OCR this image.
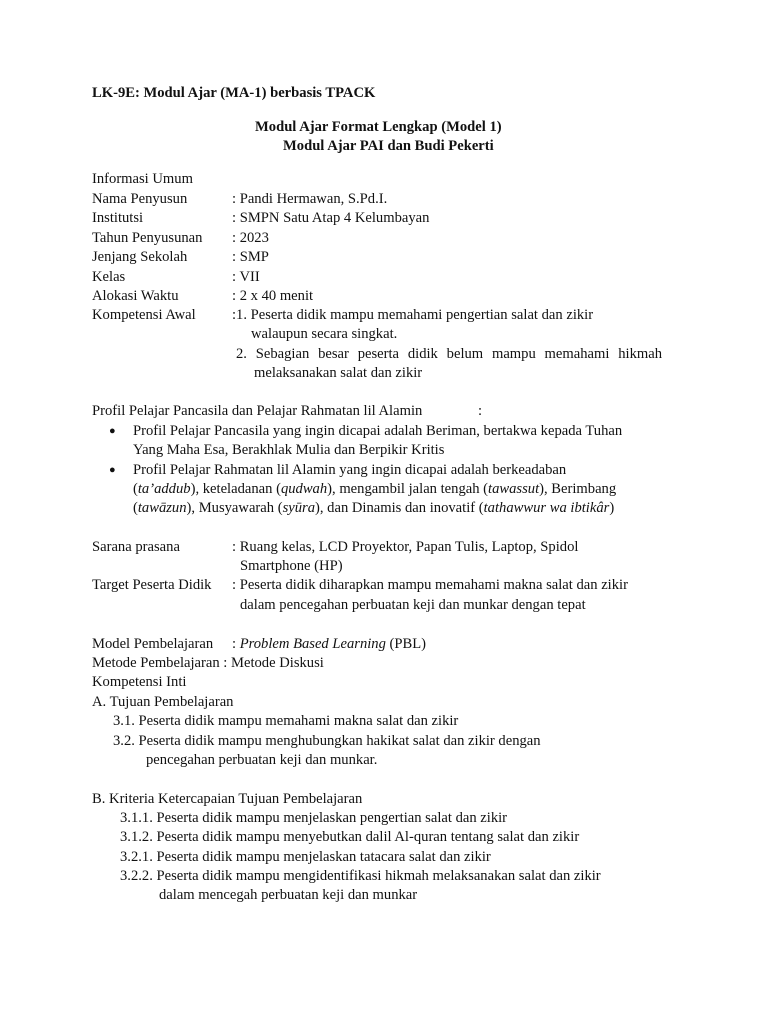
LK-9E: Modul Ajar (MA-1) berbasis TPACK
Modul Ajar Format Lengkap (Model 1)
Modul Ajar PAI dan Budi Pekerti
Informasi Umum
Nama Penyusun	: Pandi Hermawan, S.Pd.I.
Institutsi	: SMPN Satu Atap 4 Kelumbayan
Tahun Penyusunan : 2023
Jenjang Sekolah	: SMP
Kelas	: VII
Alokasi Waktu	: 2 x 40 menit
Kompetensi Awal :1. Peserta didik mampu memahami pengertian salat dan zikir
walaupun secara singkat.
2. Sebagian besar peserta didik belum mampu memahami hikmah
melaksanakan salat dan zikir
Profil Pelajar Pancasila dan Pelajar Rahmatan lil Alamin	:
● Profil Pelajar Pancasila yang ingin dicapai adalah Beriman, bertakwa kepada Tuhan
Yang Maha Esa, Berakhlak Mulia dan Berpikir Kritis
● Profil Pelajar Rahmatan lil Alamin yang ingin dicapai adalah berkeadaban
(ta’addub), keteladanan (qudwah), mengambil jalan tengah (tawassut), Berimbang
(tawāzun), Musyawarah (syūra), dan Dinamis dan inovatif (tathawwur wa ibtikâr)
Sarana prasana	: Ruang kelas, LCD Proyektor, Papan Tulis, Laptop, Spidol
Smartphone (HP)
Target Peserta Didik : Peserta didik diharapkan mampu memahami makna salat dan zikir
dalam pencegahan perbuatan keji dan munkar dengan tepat
Model Pembelajaran : Problem Based Learning (PBL)
Metode Pembelajaran : Metode Diskusi
Kompetensi Inti
A. Tujuan Pembelajaran
3.1. Peserta didik mampu memahami makna salat dan zikir
3.2. Peserta didik mampu menghubungkan hakikat salat dan zikir dengan
pencegahan perbuatan keji dan munkar.
B. Kriteria Ketercapaian Tujuan Pembelajaran
3.1.1. Peserta didik mampu menjelaskan pengertian salat dan zikir
3.1.2. Peserta didik mampu menyebutkan dalil Al-quran tentang salat dan zikir
3.2.1. Peserta didik mampu menjelaskan tatacara salat dan zikir
3.2.2. Peserta didik mampu mengidentifikasi hikmah melaksanakan salat dan zikir
dalam mencegah perbuatan keji dan munkar
